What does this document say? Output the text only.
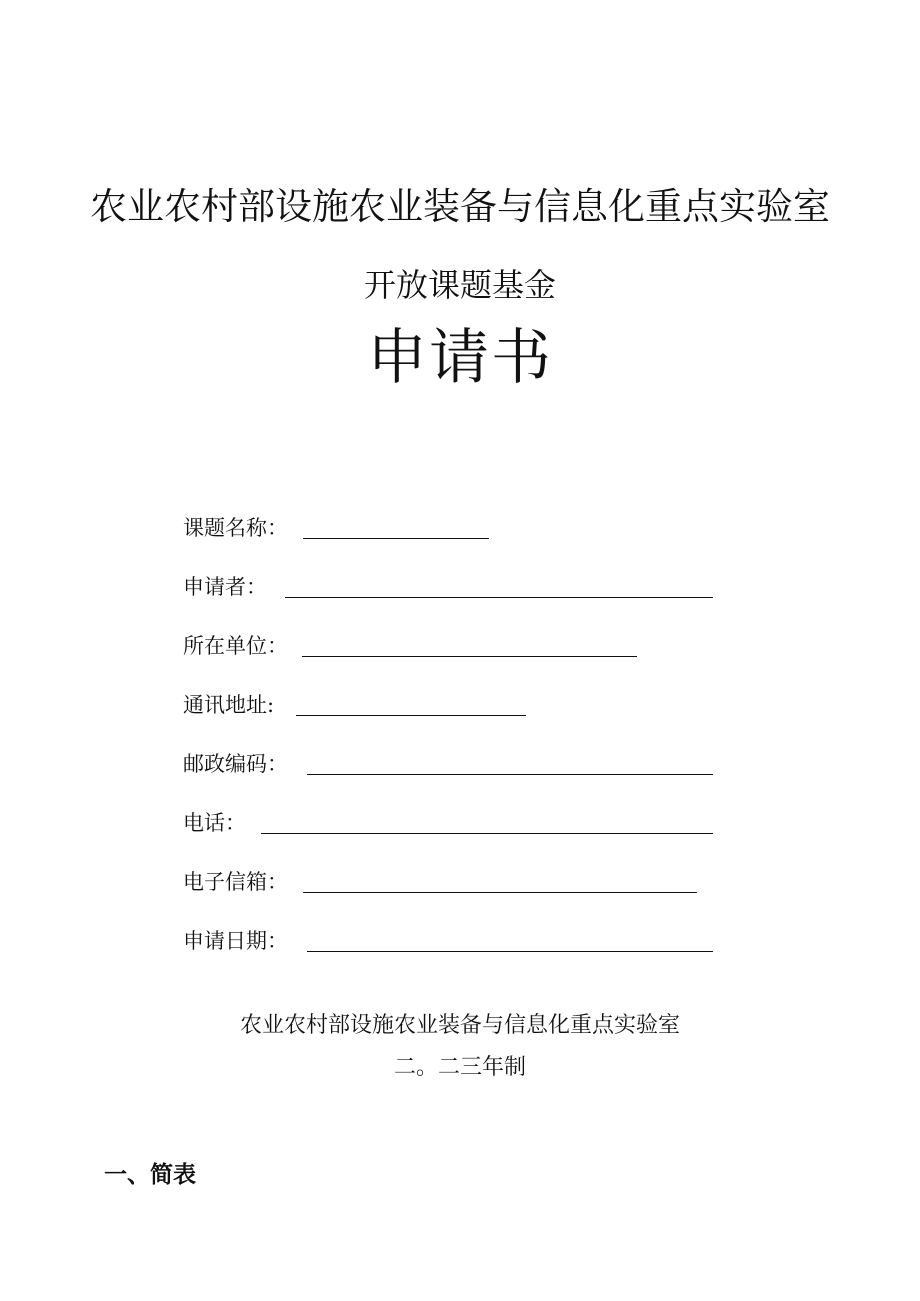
农业农村部设施农业装备与信息化重点实验室
开放课题基金
申请书
课题名称：
申请者：
所在单位：
通讯地址:
邮政编码：
电话：
电子信箱：
申请日期：
农业农村部设施农业装备与信息化重点实验室
二。二三年制
一、简表
